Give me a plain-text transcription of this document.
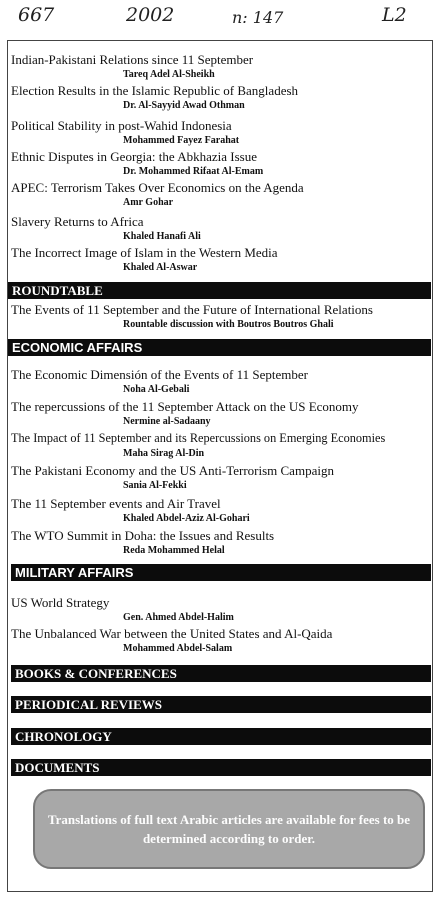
667	2002	n: 147	L2
Indian-Pakistani Relations since 11 September
Tareq Adel Al-Sheikh
Election Results in the Islamic Republic of Bangladesh
Dr. Al-Sayyid Awad Othman
Political Stability in post-Wahid Indonesia
Mohammed Fayez Farahat
Ethnic Disputes in Georgia: the Abkhazia Issue
Dr. Mohammed Rifaat Al-Emam
APEC: Terrorism Takes Over Economics on the Agenda
Amr Gohar
Slavery Returns to Africa
Khaled Hanafi Ali
The Incorrect Image of Islam in the Western Media
Khaled Al-Aswar
ROUNDTABLE
The Events of 11 September and the Future of International Relations
Rountable discussion with Boutros Boutros Ghali
ECONOMIC AFFAIRS
The Economic Dimensión of the Events of 11 September
Noha Al-Gebali
The repercussions of the 11 September Attack on the US Economy
Nermine al-Sadaany
The Impact of 11 September and its Repercussions on Emerging Economies
Maha Sirag Al-Din
The Pakistani Economy and the US Anti-Terrorism Campaign
Sania Al-Fekki
The 11 September events and Air Travel
Khaled Abdel-Aziz Al-Gohari
The WTO Summit in Doha: the Issues and Results
Reda Mohammed Helal
MILITARY AFFAIRS
US World Strategy
Gen. Ahmed Abdel-Halim
The Unbalanced War between the United States and Al-Qaida
Mohammed Abdel-Salam
BOOKS & CONFERENCES
PERIODICAL REVIEWS
CHRONOLOGY
DOCUMENTS
Translations of full text Arabic articles are available for fees to be determined according to order.
